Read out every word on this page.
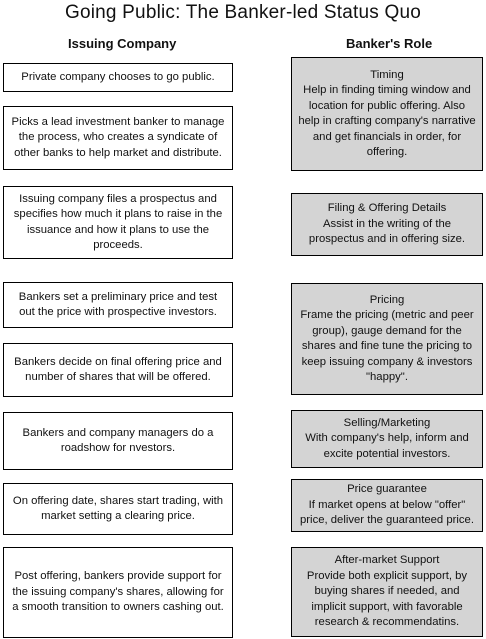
Going Public: The Banker-led Status Quo
Issuing Company	Banker's Role
Private company chooses to go public.
Picks a lead investment banker to manage the process, who creates a syndicate of other banks to help market and distribute.
Issuing company files a prospectus and specifies how much it plans to raise in the issuance and how it plans to use the proceeds.
Bankers set a preliminary price and test out the price with prospective investors.
Bankers decide on final offering price and number of shares that will be offered.
Bankers and company managers do a roadshow for nvestors.
On offering date, shares start trading, with market setting a clearing price.
Post offering, bankers provide support for the issuing company's shares, allowing for a smooth transition to owners cashing out.
Timing
Help in finding timing window and location for public offering. Also help in crafting company's narrative and get financials in order, for offering.
Filing & Offering Details
Assist in the writing of the prospectus and in offering size.
Pricing
Frame the pricing (metric and peer group), gauge demand for the shares and fine tune the pricing to keep issuing company & investors "happy".
Selling/Marketing
With company's help, inform and excite potential investors.
Price guarantee
If market opens at below "offer" price, deliver the guaranteed price.
After-market Support
Provide both explicit support, by buying shares if needed, and implicit support, with favorable research & recommendatins.
